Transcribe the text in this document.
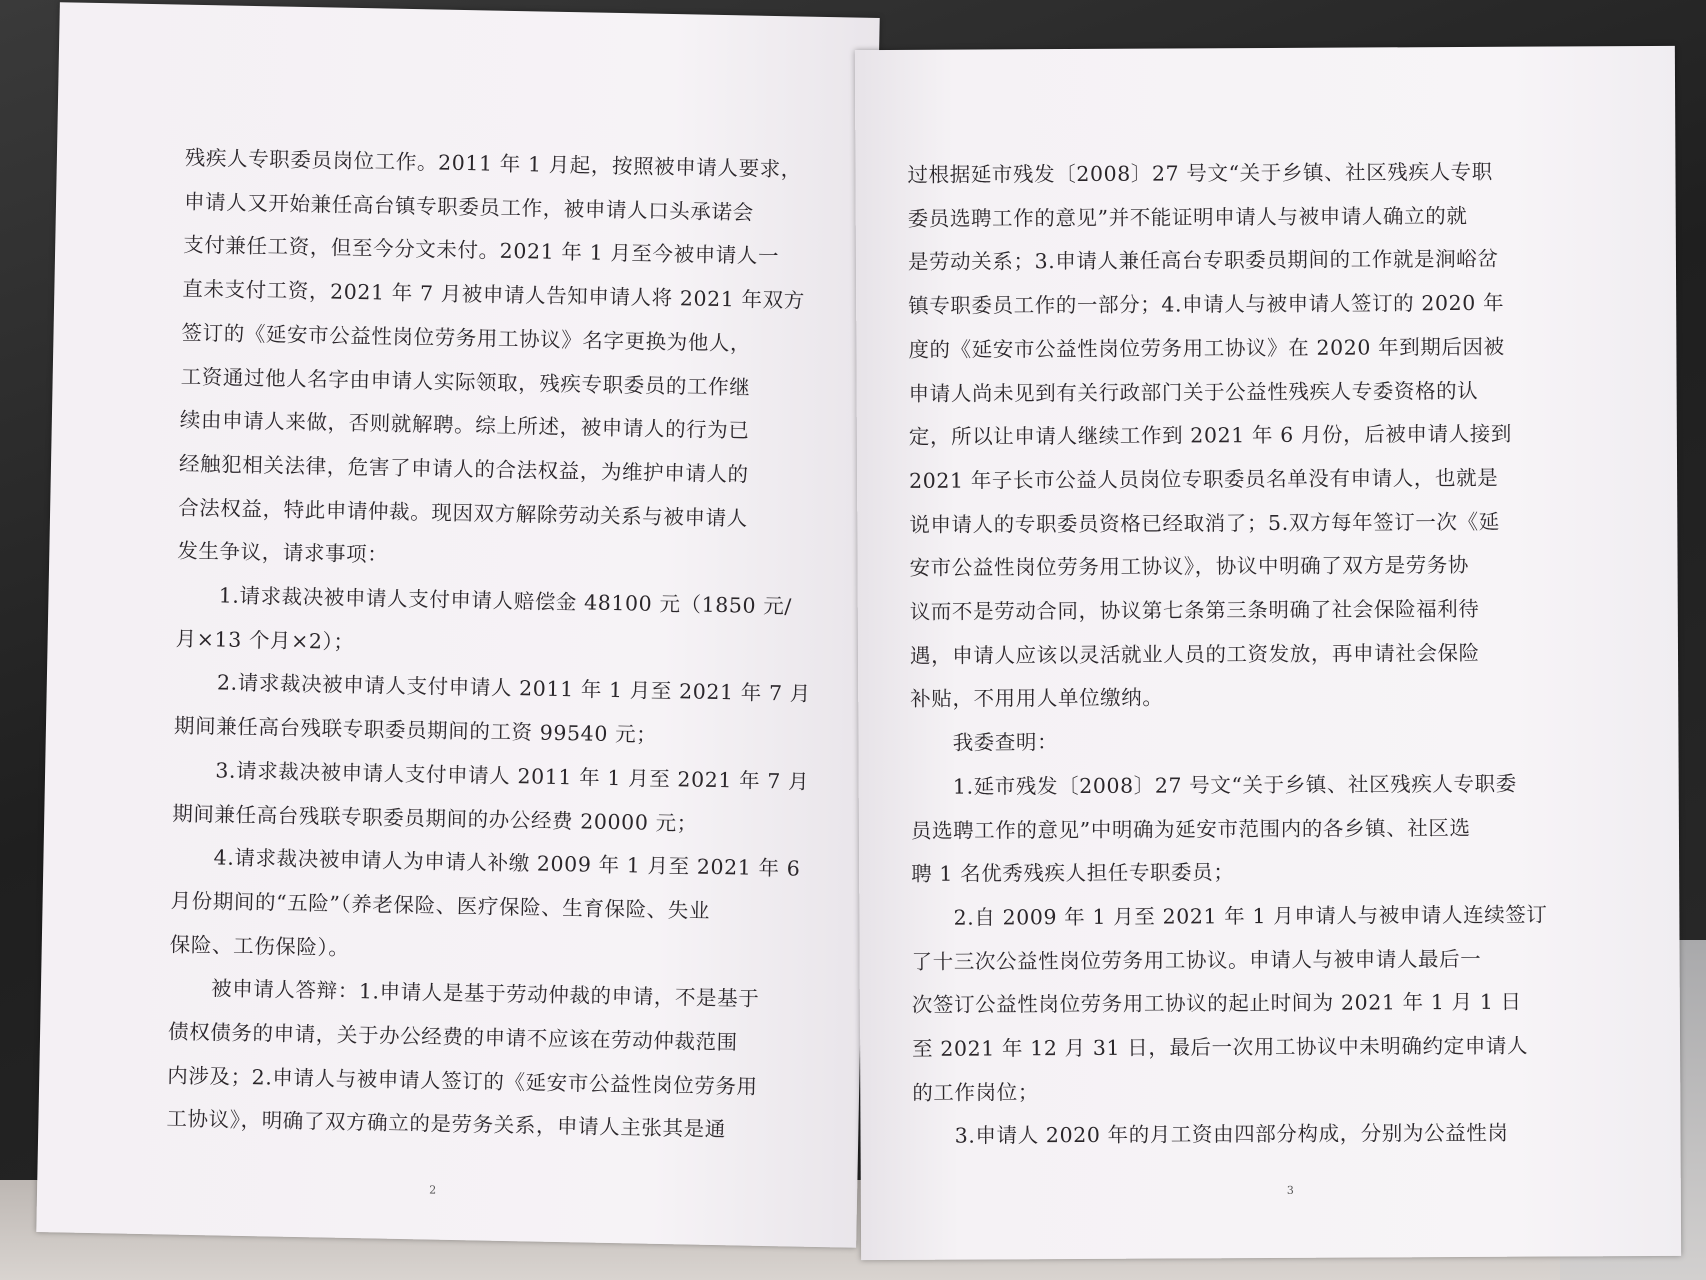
残疾人专职委员岗位工作。2011 年 1 月起，按照被申请人要求，
申请人又开始兼任高台镇专职委员工作，被申请人口头承诺会
支付兼任工资，但至今分文未付。2021 年 1 月至今被申请人一
直未支付工资，2021 年 7 月被申请人告知申请人将 2021 年双方
签订的《延安市公益性岗位劳务用工协议》名字更换为他人，
工资通过他人名字由申请人实际领取，残疾专职委员的工作继
续由申请人来做，否则就解聘。综上所述，被申请人的行为已
经触犯相关法律，危害了申请人的合法权益，为维护申请人的
合法权益，特此申请仲裁。现因双方解除劳动关系与被申请人
发生争议，请求事项：
　　1.请求裁决被申请人支付申请人赔偿金 48100 元（1850 元/
月×13 个月×2）；
　　2.请求裁决被申请人支付申请人 2011 年 1 月至 2021 年 7 月
期间兼任高台残联专职委员期间的工资 99540 元；
　　3.请求裁决被申请人支付申请人 2011 年 1 月至 2021 年 7 月
期间兼任高台残联专职委员期间的办公经费 20000 元；
　　4.请求裁决被申请人为申请人补缴 2009 年 1 月至 2021 年 6
月份期间的“五险”（养老保险、医疗保险、生育保险、失业
保险、工伤保险）。
　　被申请人答辩：1.申请人是基于劳动仲裁的申请，不是基于
债权债务的申请，关于办公经费的申请不应该在劳动仲裁范围
内涉及；2.申请人与被申请人签订的《延安市公益性岗位劳务用
工协议》，明确了双方确立的是劳务关系，申请人主张其是通
2
过根据延市残发〔2008〕27 号文“关于乡镇、社区残疾人专职
委员选聘工作的意见”并不能证明申请人与被申请人确立的就
是劳动关系；3.申请人兼任高台专职委员期间的工作就是涧峪岔
镇专职委员工作的一部分；4.申请人与被申请人签订的 2020 年
度的《延安市公益性岗位劳务用工协议》在 2020 年到期后因被
申请人尚未见到有关行政部门关于公益性残疾人专委资格的认
定，所以让申请人继续工作到 2021 年 6 月份，后被申请人接到
2021 年子长市公益人员岗位专职委员名单没有申请人，也就是
说申请人的专职委员资格已经取消了；5.双方每年签订一次《延
安市公益性岗位劳务用工协议》，协议中明确了双方是劳务协
议而不是劳动合同，协议第七条第三条明确了社会保险福利待
遇，申请人应该以灵活就业人员的工资发放，再申请社会保险
补贴，不用用人单位缴纳。
　　我委查明：
　　1.延市残发〔2008〕27 号文“关于乡镇、社区残疾人专职委
员选聘工作的意见”中明确为延安市范围内的各乡镇、社区选
聘 1 名优秀残疾人担任专职委员；
　　2.自 2009 年 1 月至 2021 年 1 月申请人与被申请人连续签订
了十三次公益性岗位劳务用工协议。申请人与被申请人最后一
次签订公益性岗位劳务用工协议的起止时间为 2021 年 1 月 1 日
至 2021 年 12 月 31 日，最后一次用工协议中未明确约定申请人
的工作岗位；
　　3.申请人 2020 年的月工资由四部分构成，分别为公益性岗
3
